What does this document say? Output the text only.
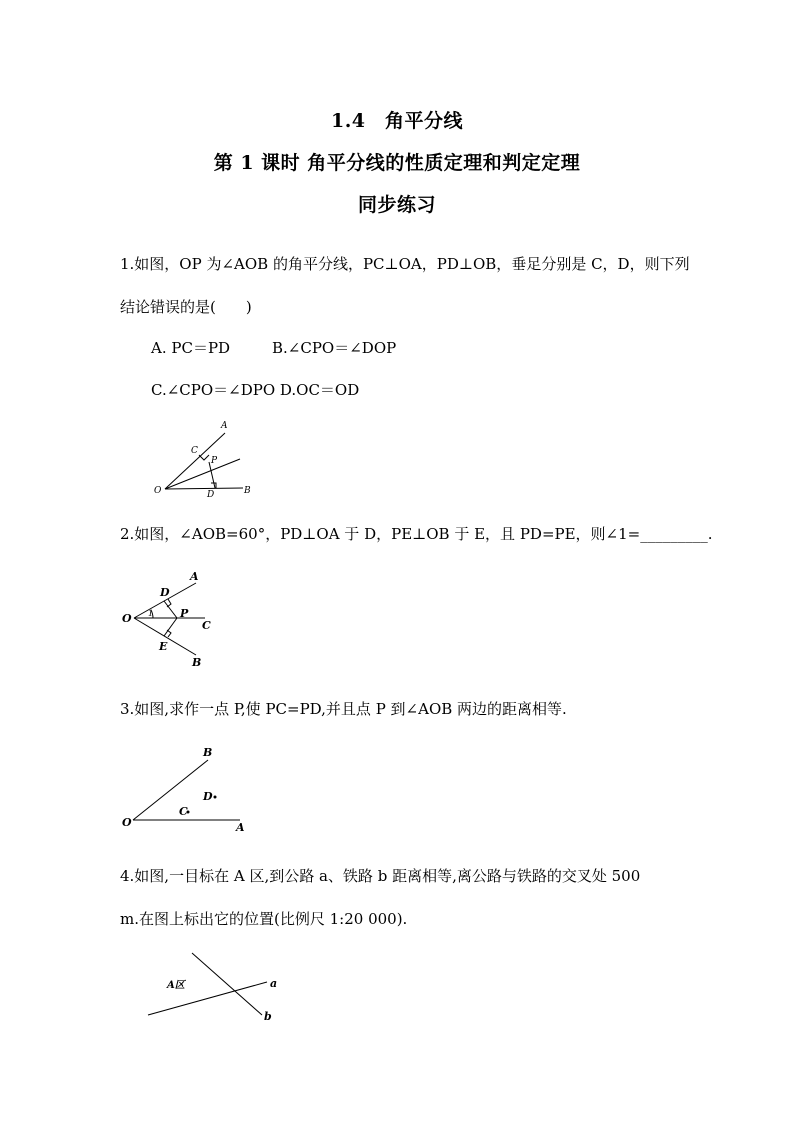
1.4　角平分线
第 1 课时 角平分线的性质定理和判定定理
同步练习
1.如图，OP 为∠AOB 的角平分线，PC⊥OA，PD⊥OB，垂足分别是 C，D，则下列
结论错误的是(　　)
A. PC＝PD	B.∠CPO＝∠DOP
C.∠CPO＝∠DPO D.OC＝OD
A
C
P
O	D	B
2.如图，∠AOB=60°，PD⊥OA 于 D，PE⊥OB 于 E，且 PD=PE，则∠1=_________.
D
A
O 1 P
C
E
B
3.如图,求作一点 P,使 PC=PD,并且点 P 到∠AOB 两边的距离相等.
B
D
C
O	A
4.如图,一目标在 A 区,到公路 a、铁路 b 距离相等,离公路与铁路的交叉处 500
m.在图上标出它的位置(比例尺 1:20 000).
A区	a
b
